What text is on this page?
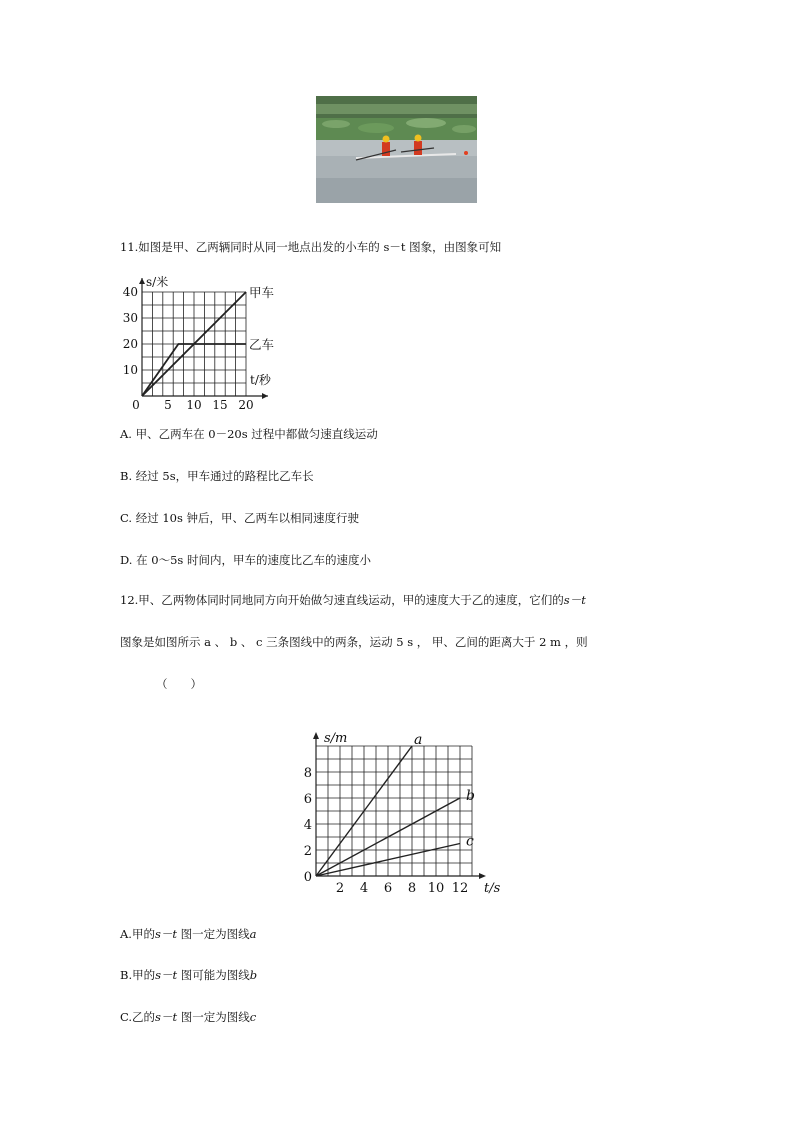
11.如图是甲、乙两辆同时从同一地点出发的小车的 s－t 图象，由图象可知
0 5 10 15 20
10
20
30
40
s/米
t/秒
甲车
乙车
A. 甲、乙两车在 0－20s 过程中都做匀速直线运动
B. 经过 5s，甲车通过的路程比乙车长
C. 经过 10s 钟后，甲、乙两车以相同速度行驶
D. 在 0～5s 时间内，甲车的速度比乙车的速度小
12.甲、乙两物体同时同地同方向开始做匀速直线运动，甲的速度大于乙的速度，它们的s－t
图象是如图所示 a 、 b 、 c 三条图线中的两条，运动 5 s ， 甲、乙间的距离大于 2 m ，则
（　　）
2 4 6 8 10 12
0
2
4
6
8
s/m
t/s
a
b
c
A.甲的s－t 图一定为图线a
B.甲的s－t 图可能为图线b
C.乙的s－t 图一定为图线c
